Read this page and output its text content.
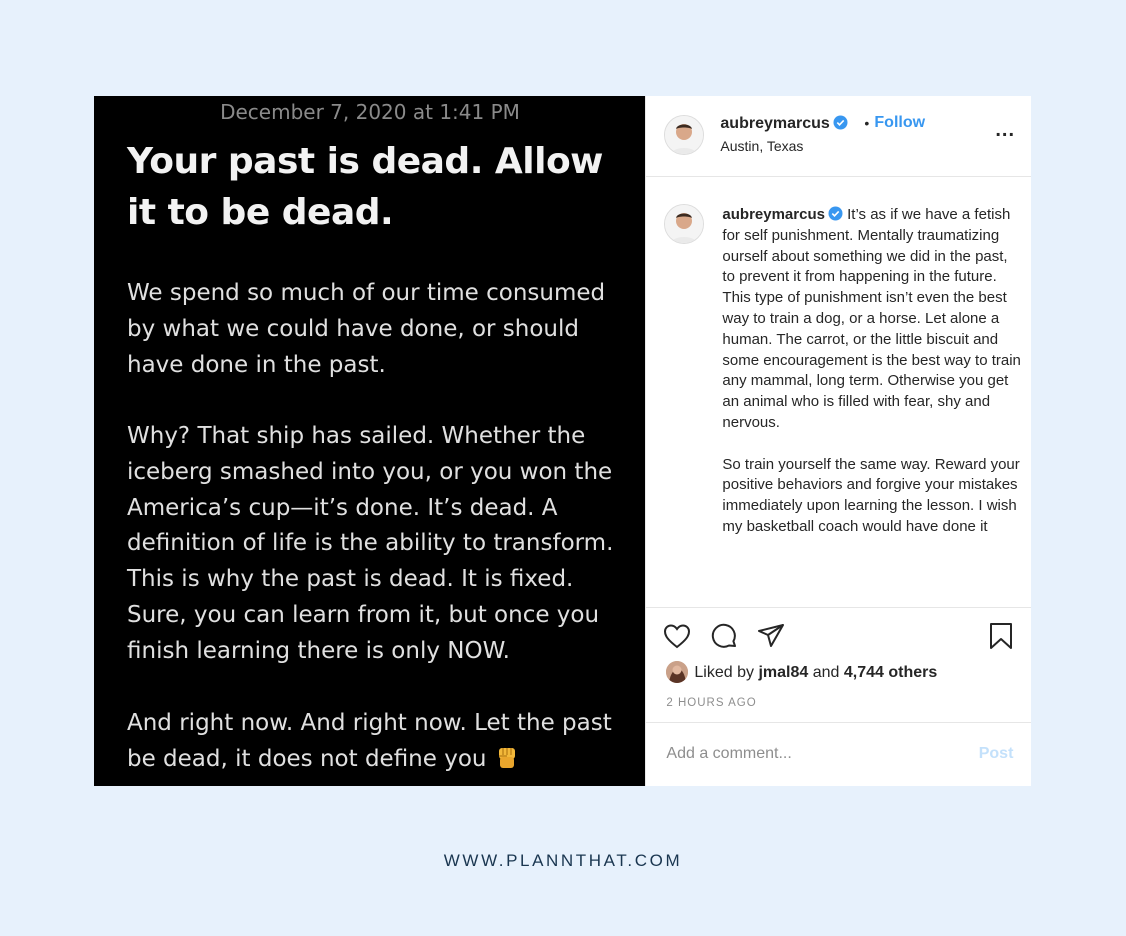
December 7, 2020 at 1:41 PM
Your past is dead. Allow it to be dead.
We spend so much of our time consumed
by what we could have done, or should
have done in the past.
Why? That ship has sailed. Whether the
iceberg smashed into you, or you won the
America’s cup—it’s done. It’s dead. A
definition of life is the ability to transform.
This is why the past is dead. It is fixed.
Sure, you can learn from it, but once you
finish learning there is only NOW.
And right now. And right now. Let the past
be dead, it does not define you
aubreymarcus	• Follow
Austin, Texas
...

aubreymarcus It’s as if we have a fetish for self punishment. Mentally traumatizing ourself about something we did in the past, to prevent it from happening in the future. This type of punishment isn’t even the best way to train a dog, or a horse. Let alone a human. The carrot, or the little biscuit and some encouragement is the best way to train any mammal, long term. Otherwise you get an animal who is filled with fear, shy and nervous.

So train yourself the same way. Reward your positive behaviors and forgive your mistakes immediately upon learning the lesson. I wish my basketball coach would have done it

Liked by jmal84 and 4,744 others
2 HOURS AGO
Add a comment...	Post
WWW.PLANNTHAT.COM
